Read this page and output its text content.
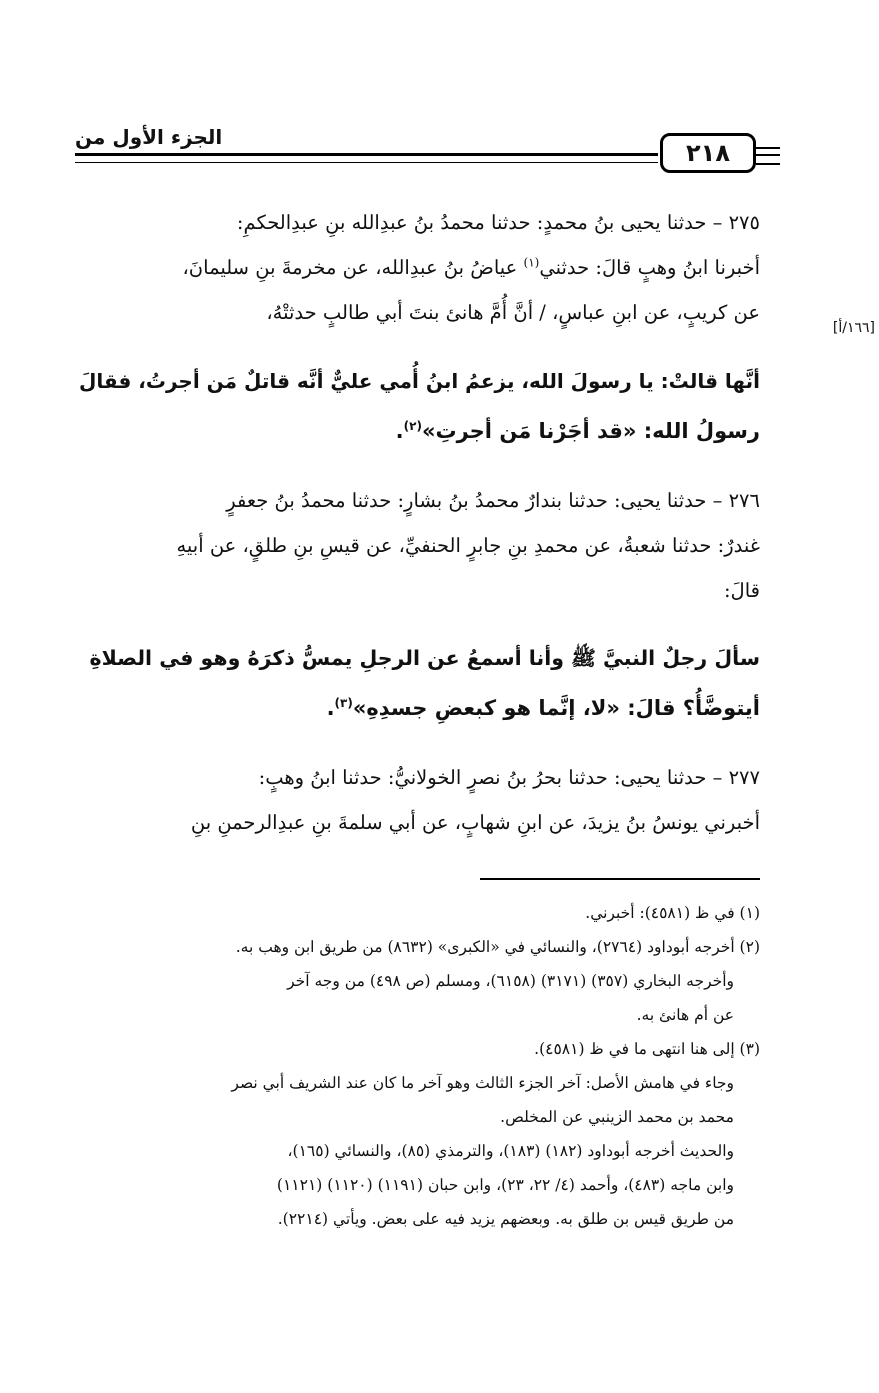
الجزء الأول من
٢١٨
[١٦٦/أ]
٢٧٥ – حدثنا يحيى بنُ محمدٍ: حدثنا محمدُ بنُ عبدِالله بنِ عبدِالحكمِ:
أخبرنا ابنُ وهبٍ قالَ: حدثني$^{(١)}$ عياضُ بنُ عبدِالله، عن مخرمةَ بنِ سليمانَ،
عن كريبٍ، عن ابنِ عباسٍ، / أنَّ أُمَّ هانئ بنتَ أبي طالبٍ حدثتْهُ،
أنَّها قالتْ: يا رسولَ الله، يزعمُ ابنُ أُمي عليٌّ أنَّه قاتلٌ مَن أجرتُ، فقالَ
رسولُ الله: «قد أجَرْنا مَن أجرتِ»$^{(٢)}$.
٢٧٦ – حدثنا يحيى: حدثنا بندارٌ محمدُ بنُ بشارٍ: حدثنا محمدُ بنُ جعفرٍ
غندرٌ: حدثنا شعبةُ، عن محمدِ بنِ جابرٍ الحنفيِّ، عن قيسِ بنِ طلقٍ، عن أبيهِ
قالَ:
سألَ رجلٌ النبيَّ ﷺ وأنا أسمعُ عن الرجلِ يمسُّ ذكرَهُ وهو في الصلاةِ
أيتوضَّأُ؟ قالَ: «لا، إنَّما هو كبعضِ جسدِهِ»$^{(٣)}$.
٢٧٧ – حدثنا يحيى: حدثنا بحرُ بنُ نصرٍ الخولانيُّ: حدثنا ابنُ وهبٍ:
أخبرني يونسُ بنُ يزيدَ، عن ابنِ شهابٍ، عن أبي سلمةَ بنِ عبدِالرحمنِ بنِ
(١) في ظ (٤٥٨١): أخبرني.
(٢) أخرجه أبوداود (٢٧٦٤)، والنسائي في «الكبرى» (٨٦٣٢) من طريق ابن وهب به.
وأخرجه البخاري (٣٥٧) (٣١٧١) (٦١٥٨)، ومسلم (ص ٤٩٨) من وجه آخر
عن أم هانئ به.
(٣) إلى هنا انتهى ما في ظ (٤٥٨١).
وجاء في هامش الأصل: آخر الجزء الثالث وهو آخر ما كان عند الشريف أبي نصر
محمد بن محمد الزينبي عن المخلص.
والحديث أخرجه أبوداود (١٨٢) (١٨٣)، والترمذي (٨٥)، والنسائي (١٦٥)،
وابن ماجه (٤٨٣)، وأحمد (٤/ ٢٢، ٢٣)، وابن حبان (١١٩١) (١١٢٠) (١١٢١)
من طريق قيس بن طلق به. وبعضهم يزيد فيه على بعض. ويأتي (٢٢١٤).
